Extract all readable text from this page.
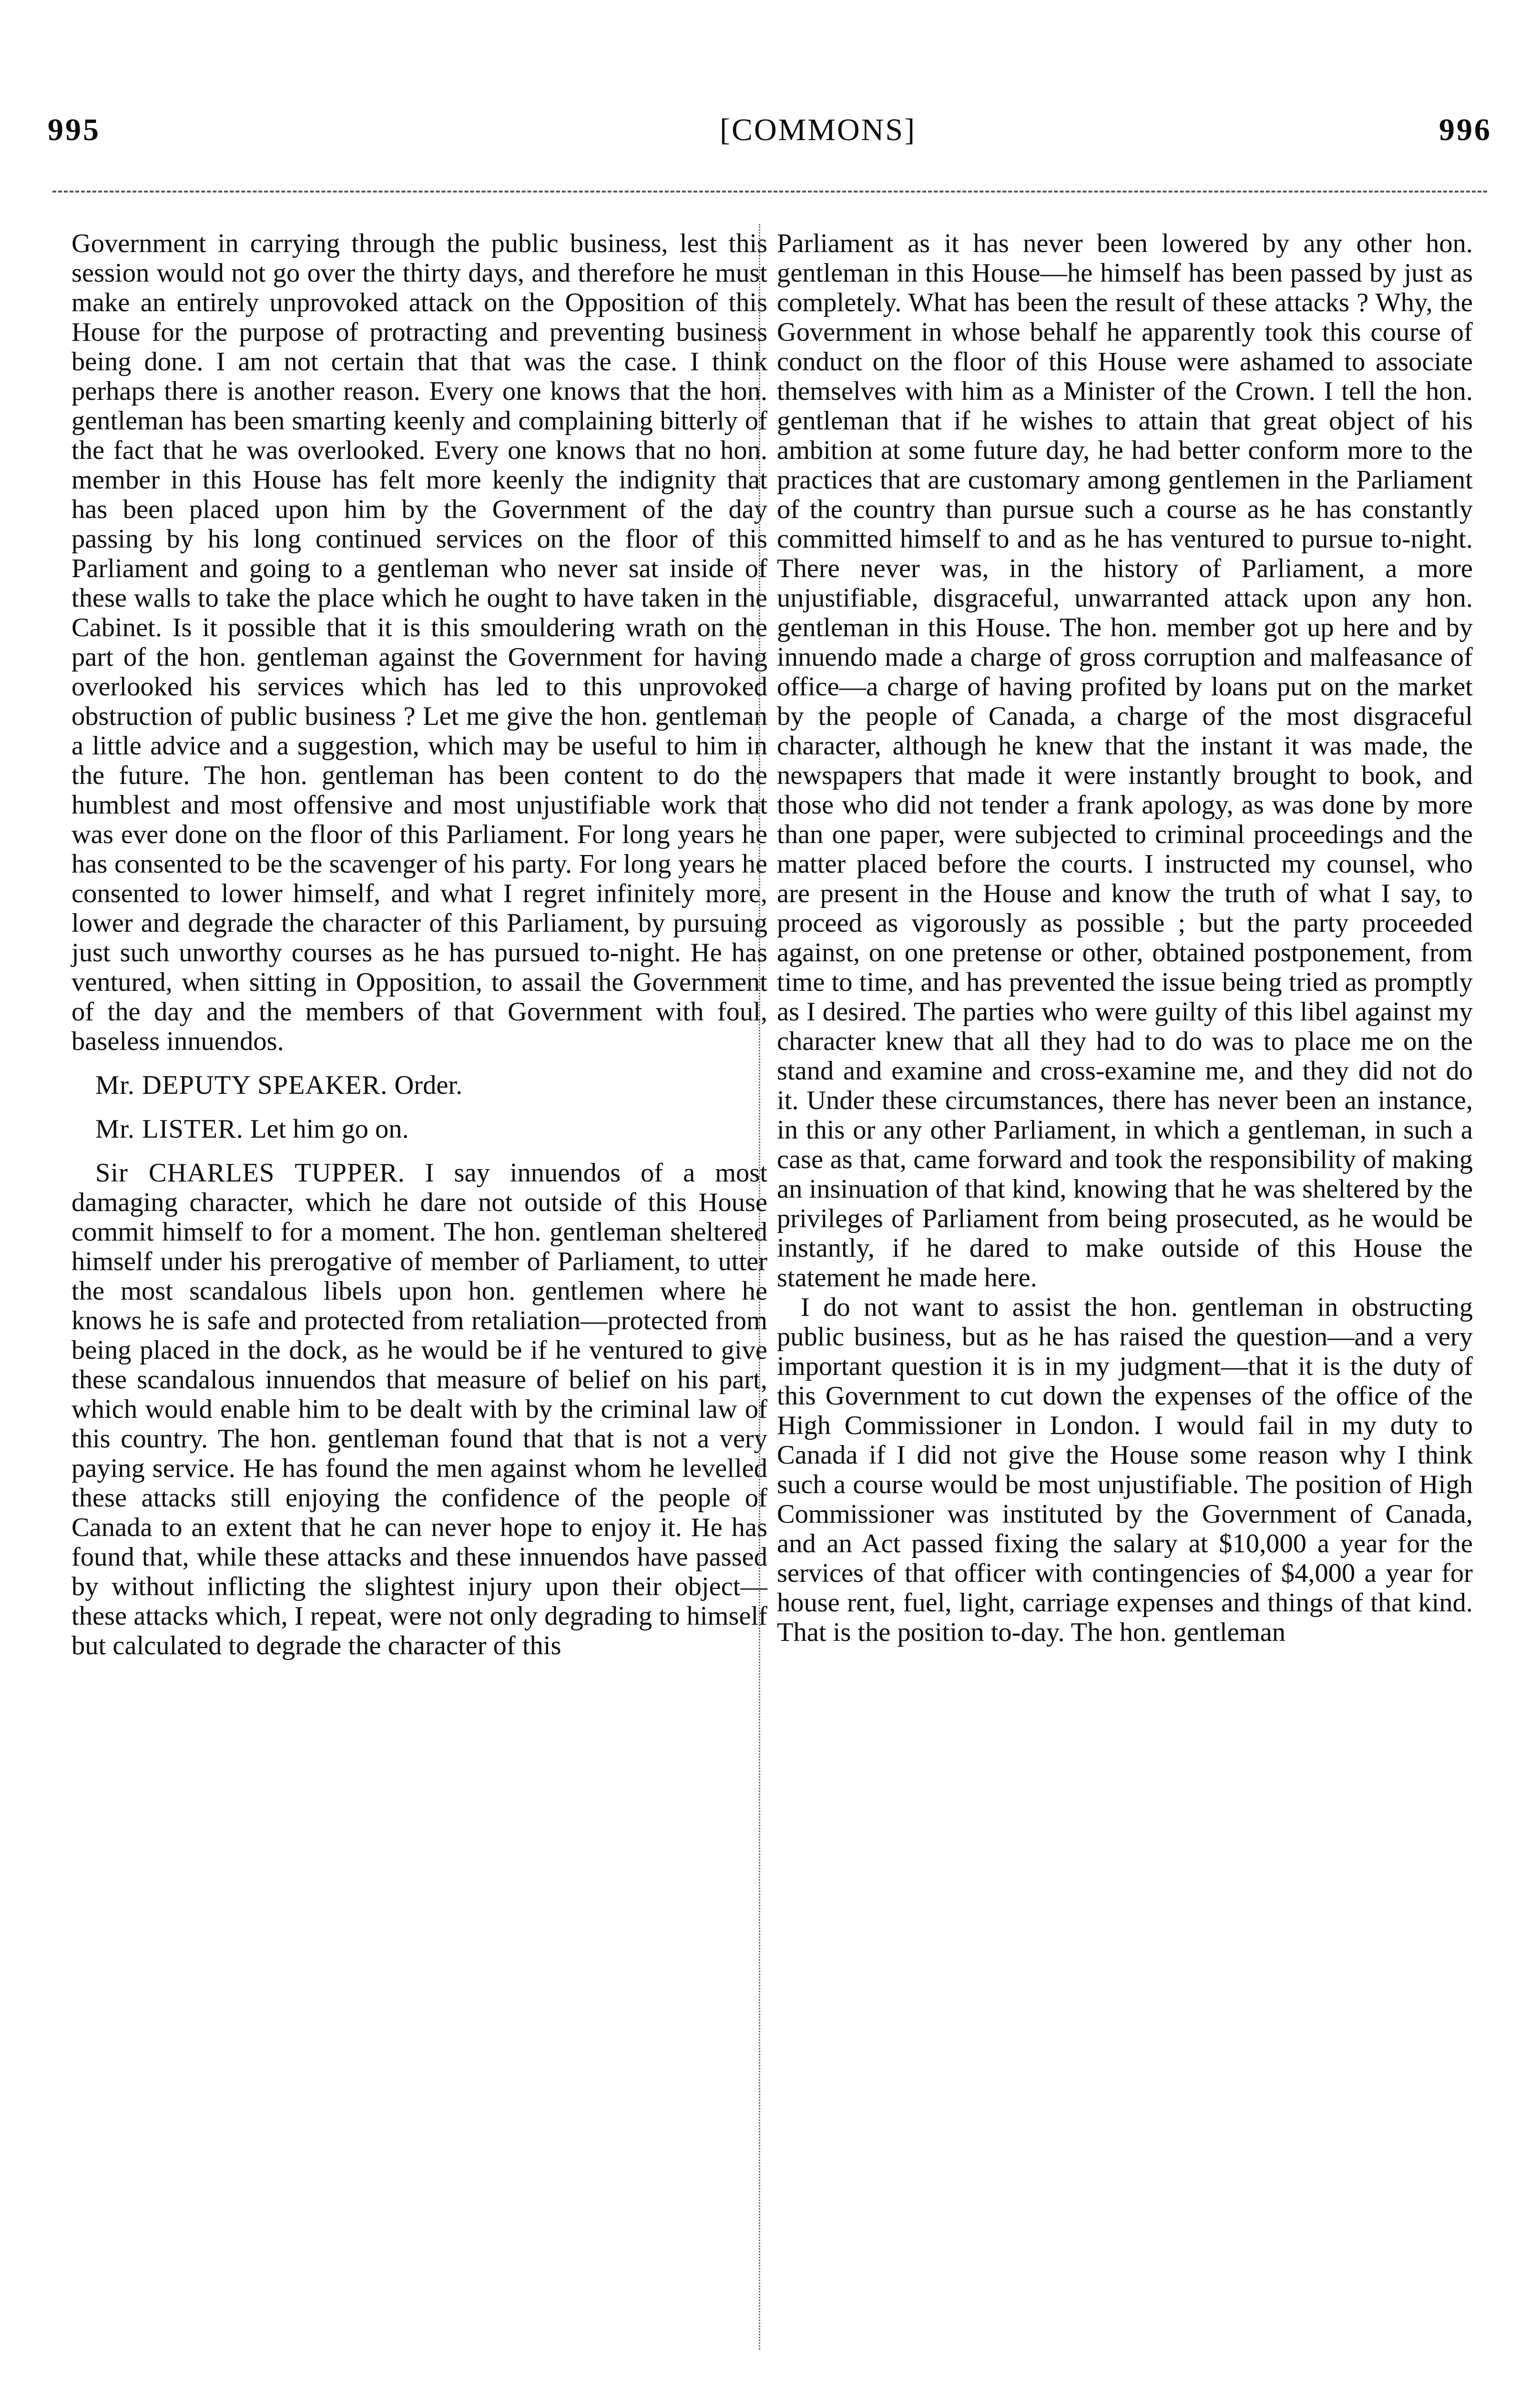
995	[COMMONS]	996

Government in carrying through the public business, lest this session would not go over the thirty days, and therefore he must make an entirely unprovoked attack on the Opposition of this House for the purpose of protracting and preventing business being done. I am not certain that that was the case. I think perhaps there is another reason. Every one knows that the hon. gentleman has been smarting keenly and complaining bitterly of the fact that he was overlooked. Every one knows that no hon. member in this House has felt more keenly the indignity that has been placed upon him by the Government of the day passing by his long continued services on the floor of this Parliament and going to a gentleman who never sat inside of these walls to take the place which he ought to have taken in the Cabinet. Is it possible that it is this smouldering wrath on the part of the hon. gentleman against the Government for having overlooked his services which has led to this unprovoked obstruction of public business ? Let me give the hon. gentleman a little advice and a suggestion, which may be useful to him in the future. The hon. gentleman has been content to do the humblest and most offensive and most unjustifiable work that was ever done on the floor of this Parliament. For long years he has consented to be the scavenger of his party. For long years he consented to lower himself, and what I regret infinitely more, lower and degrade the character of this Parliament, by pursuing just such unworthy courses as he has pursued to-night. He has ventured, when sitting in Opposition, to assail the Government of the day and the members of that Government with foul, baseless innuendos.

Mr. DEPUTY SPEAKER. Order.

Mr. LISTER. Let him go on.

Sir CHARLES TUPPER. I say innuendos of a most damaging character, which he dare not outside of this House commit himself to for a moment. The hon. gentleman sheltered himself under his prerogative of member of Parliament, to utter the most scandalous libels upon hon. gentlemen where he knows he is safe and protected from retaliation—protected from being placed in the dock, as he would be if he ventured to give these scandalous innuendos that measure of belief on his part, which would enable him to be dealt with by the criminal law of this country. The hon. gentleman found that that is not a very paying service. He has found the men against whom he levelled these attacks still enjoying the confidence of the people of Canada to an extent that he can never hope to enjoy it. He has found that, while these attacks and these innuendos have passed by without inflicting the slightest injury upon their object—these attacks which, I repeat, were not only degrading to himself but calculated to degrade the character of this

Parliament as it has never been lowered by any other hon. gentleman in this House—he himself has been passed by just as completely. What has been the result of these attacks ? Why, the Government in whose behalf he apparently took this course of conduct on the floor of this House were ashamed to associate themselves with him as a Minister of the Crown. I tell the hon. gentleman that if he wishes to attain that great object of his ambition at some future day, he had better conform more to the practices that are customary among gentlemen in the Parliament of the country than pursue such a course as he has constantly committed himself to and as he has ventured to pursue to-night. There never was, in the history of Parliament, a more unjustifiable, disgraceful, unwarranted attack upon any hon. gentleman in this House. The hon. member got up here and by innuendo made a charge of gross corruption and malfeasance of office—a charge of having profited by loans put on the market by the people of Canada, a charge of the most disgraceful character, although he knew that the instant it was made, the newspapers that made it were instantly brought to book, and those who did not tender a frank apology, as was done by more than one paper, were subjected to criminal proceedings and the matter placed before the courts. I instructed my counsel, who are present in the House and know the truth of what I say, to proceed as vigorously as possible ; but the party proceeded against, on one pretense or other, obtained postponement, from time to time, and has prevented the issue being tried as promptly as I desired. The parties who were guilty of this libel against my character knew that all they had to do was to place me on the stand and examine and cross-examine me, and they did not do it. Under these circumstances, there has never been an instance, in this or any other Parliament, in which a gentleman, in such a case as that, came forward and took the responsibility of making an insinuation of that kind, knowing that he was sheltered by the privileges of Parliament from being prosecuted, as he would be instantly, if he dared to make outside of this House the statement he made here.

I do not want to assist the hon. gentleman in obstructing public business, but as he has raised the question—and a very important question it is in my judgment—that it is the duty of this Government to cut down the expenses of the office of the High Commissioner in London. I would fail in my duty to Canada if I did not give the House some reason why I think such a course would be most unjustifiable. The position of High Commissioner was instituted by the Government of Canada, and an Act passed fixing the salary at $10,000 a year for the services of that officer with contingencies of $4,000 a year for house rent, fuel, light, carriage expenses and things of that kind. That is the position to-day. The hon. gentleman
